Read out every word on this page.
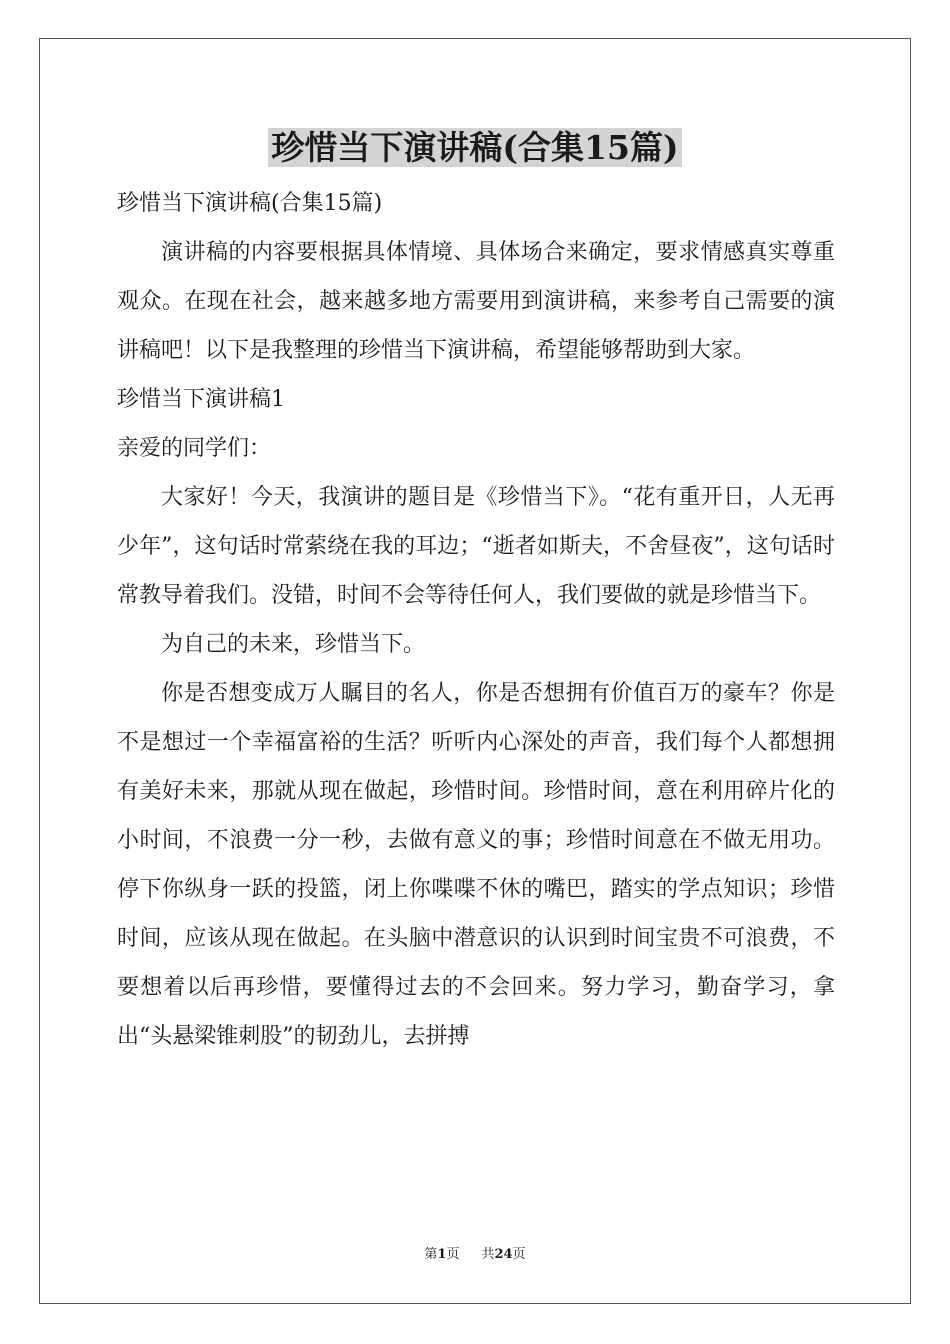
珍惜当下演讲稿(合集15篇)

珍惜当下演讲稿(合集15篇)

演讲稿的内容要根据具体情境、具体场合来确定，要求情感真实尊重观众。在现在社会，越来越多地方需要用到演讲稿，来参考自己需要的演讲稿吧！以下是我整理的珍惜当下演讲稿，希望能够帮助到大家。

珍惜当下演讲稿1

亲爱的同学们：

大家好！今天，我演讲的题目是《珍惜当下》。“花有重开日，人无再少年”，这句话时常萦绕在我的耳边；“逝者如斯夫，不舍昼夜”，这句话时常教导着我们。没错，时间不会等待任何人，我们要做的就是珍惜当下。

为自己的未来，珍惜当下。

你是否想变成万人瞩目的名人，你是否想拥有价值百万的豪车？你是不是想过一个幸福富裕的生活？听听内心深处的声音，我们每个人都想拥有美好未来，那就从现在做起，珍惜时间。珍惜时间，意在利用碎片化的小时间，不浪费一分一秒，去做有意义的事；珍惜时间意在不做无用功。停下你纵身一跃的投篮，闭上你喋喋不休的嘴巴，踏实的学点知识；珍惜时间，应该从现在做起。在头脑中潜意识的认识到时间宝贵不可浪费，不要想着以后再珍惜，要懂得过去的不会回来。努力学习，勤奋学习，拿出“头悬梁锥刺股”的韧劲儿，去拼搏

第1页 共24页
